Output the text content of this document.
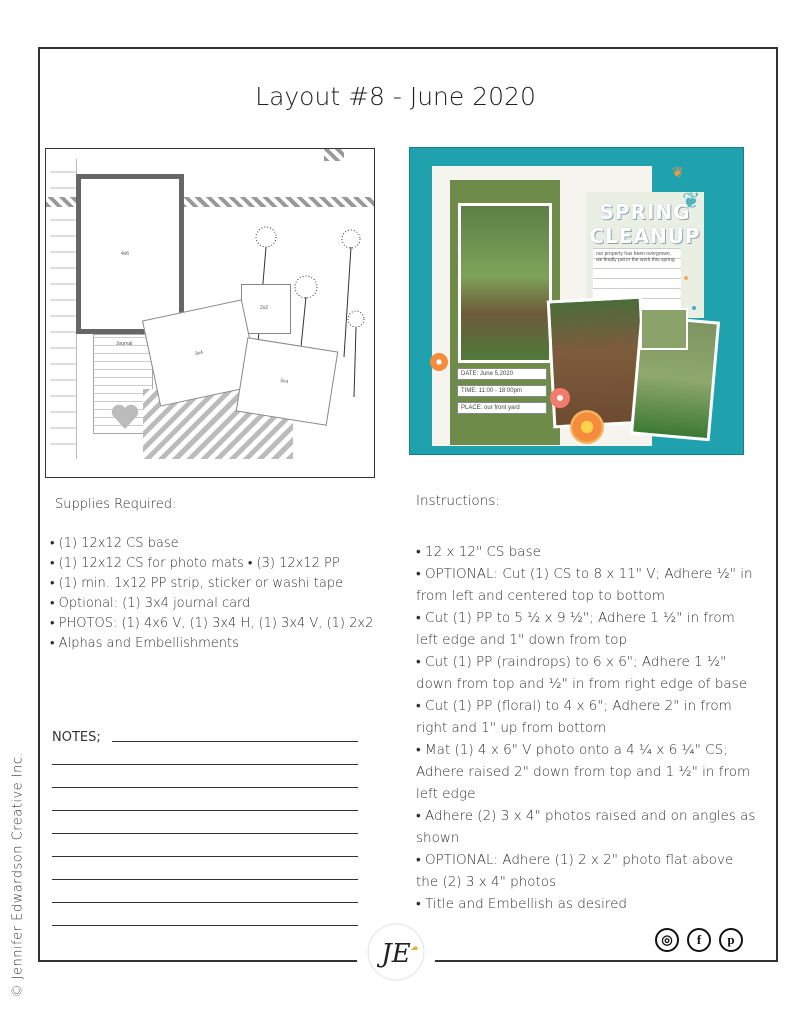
Layout #8 - June 2020
Journal
4x6
2x2
3x4
3x4
SPRING
CLEANUP
our property has been overgrown, we finally put in the work this spring
DATE: June 5,2020
TIME: 11:00 - 18:00pm
PLACE: our front yard
❦
❦
Supplies Required:
• (1) 12x12 CS base
• (1) 12x12 CS for photo mats • (3) 12x12 PP
• (1) min. 1x12 PP strip, sticker or washi tape
• Optional: (1) 3x4 journal card
• PHOTOS: (1) 4x6 V, (1) 3x4 H, (1) 3x4 V, (1) 2x2
• Alphas and Embellishments
NOTES;
Instructions:
• 12 x 12" CS base
• OPTIONAL: Cut (1) CS to 8 x 11" V; Adhere ½" in from left and centered top to bottom
• Cut (1) PP to 5 ½ x 9 ½"; Adhere 1 ½" in from left edge and 1" down from top
• Cut (1) PP (raindrops) to 6 x 6"; Adhere 1 ½" down from top and ½" in from right edge of base
• Cut (1) PP (floral) to 4 x 6"; Adhere 2" in from right and 1" up from bottom
• Mat (1) 4 x 6" V photo onto a 4 ¼ x 6 ¼" CS; Adhere raised 2" down from top and 1 ½" in from left edge
• Adhere (2) 3 x 4" photos raised and on angles as shown
• OPTIONAL: Adhere (1) 2 x 2" photo flat above the (2) 3 x 4" photos
• Title and Embellish as desired
© Jennifer Edwardson Creative Inc.	JE	◎	f	p
